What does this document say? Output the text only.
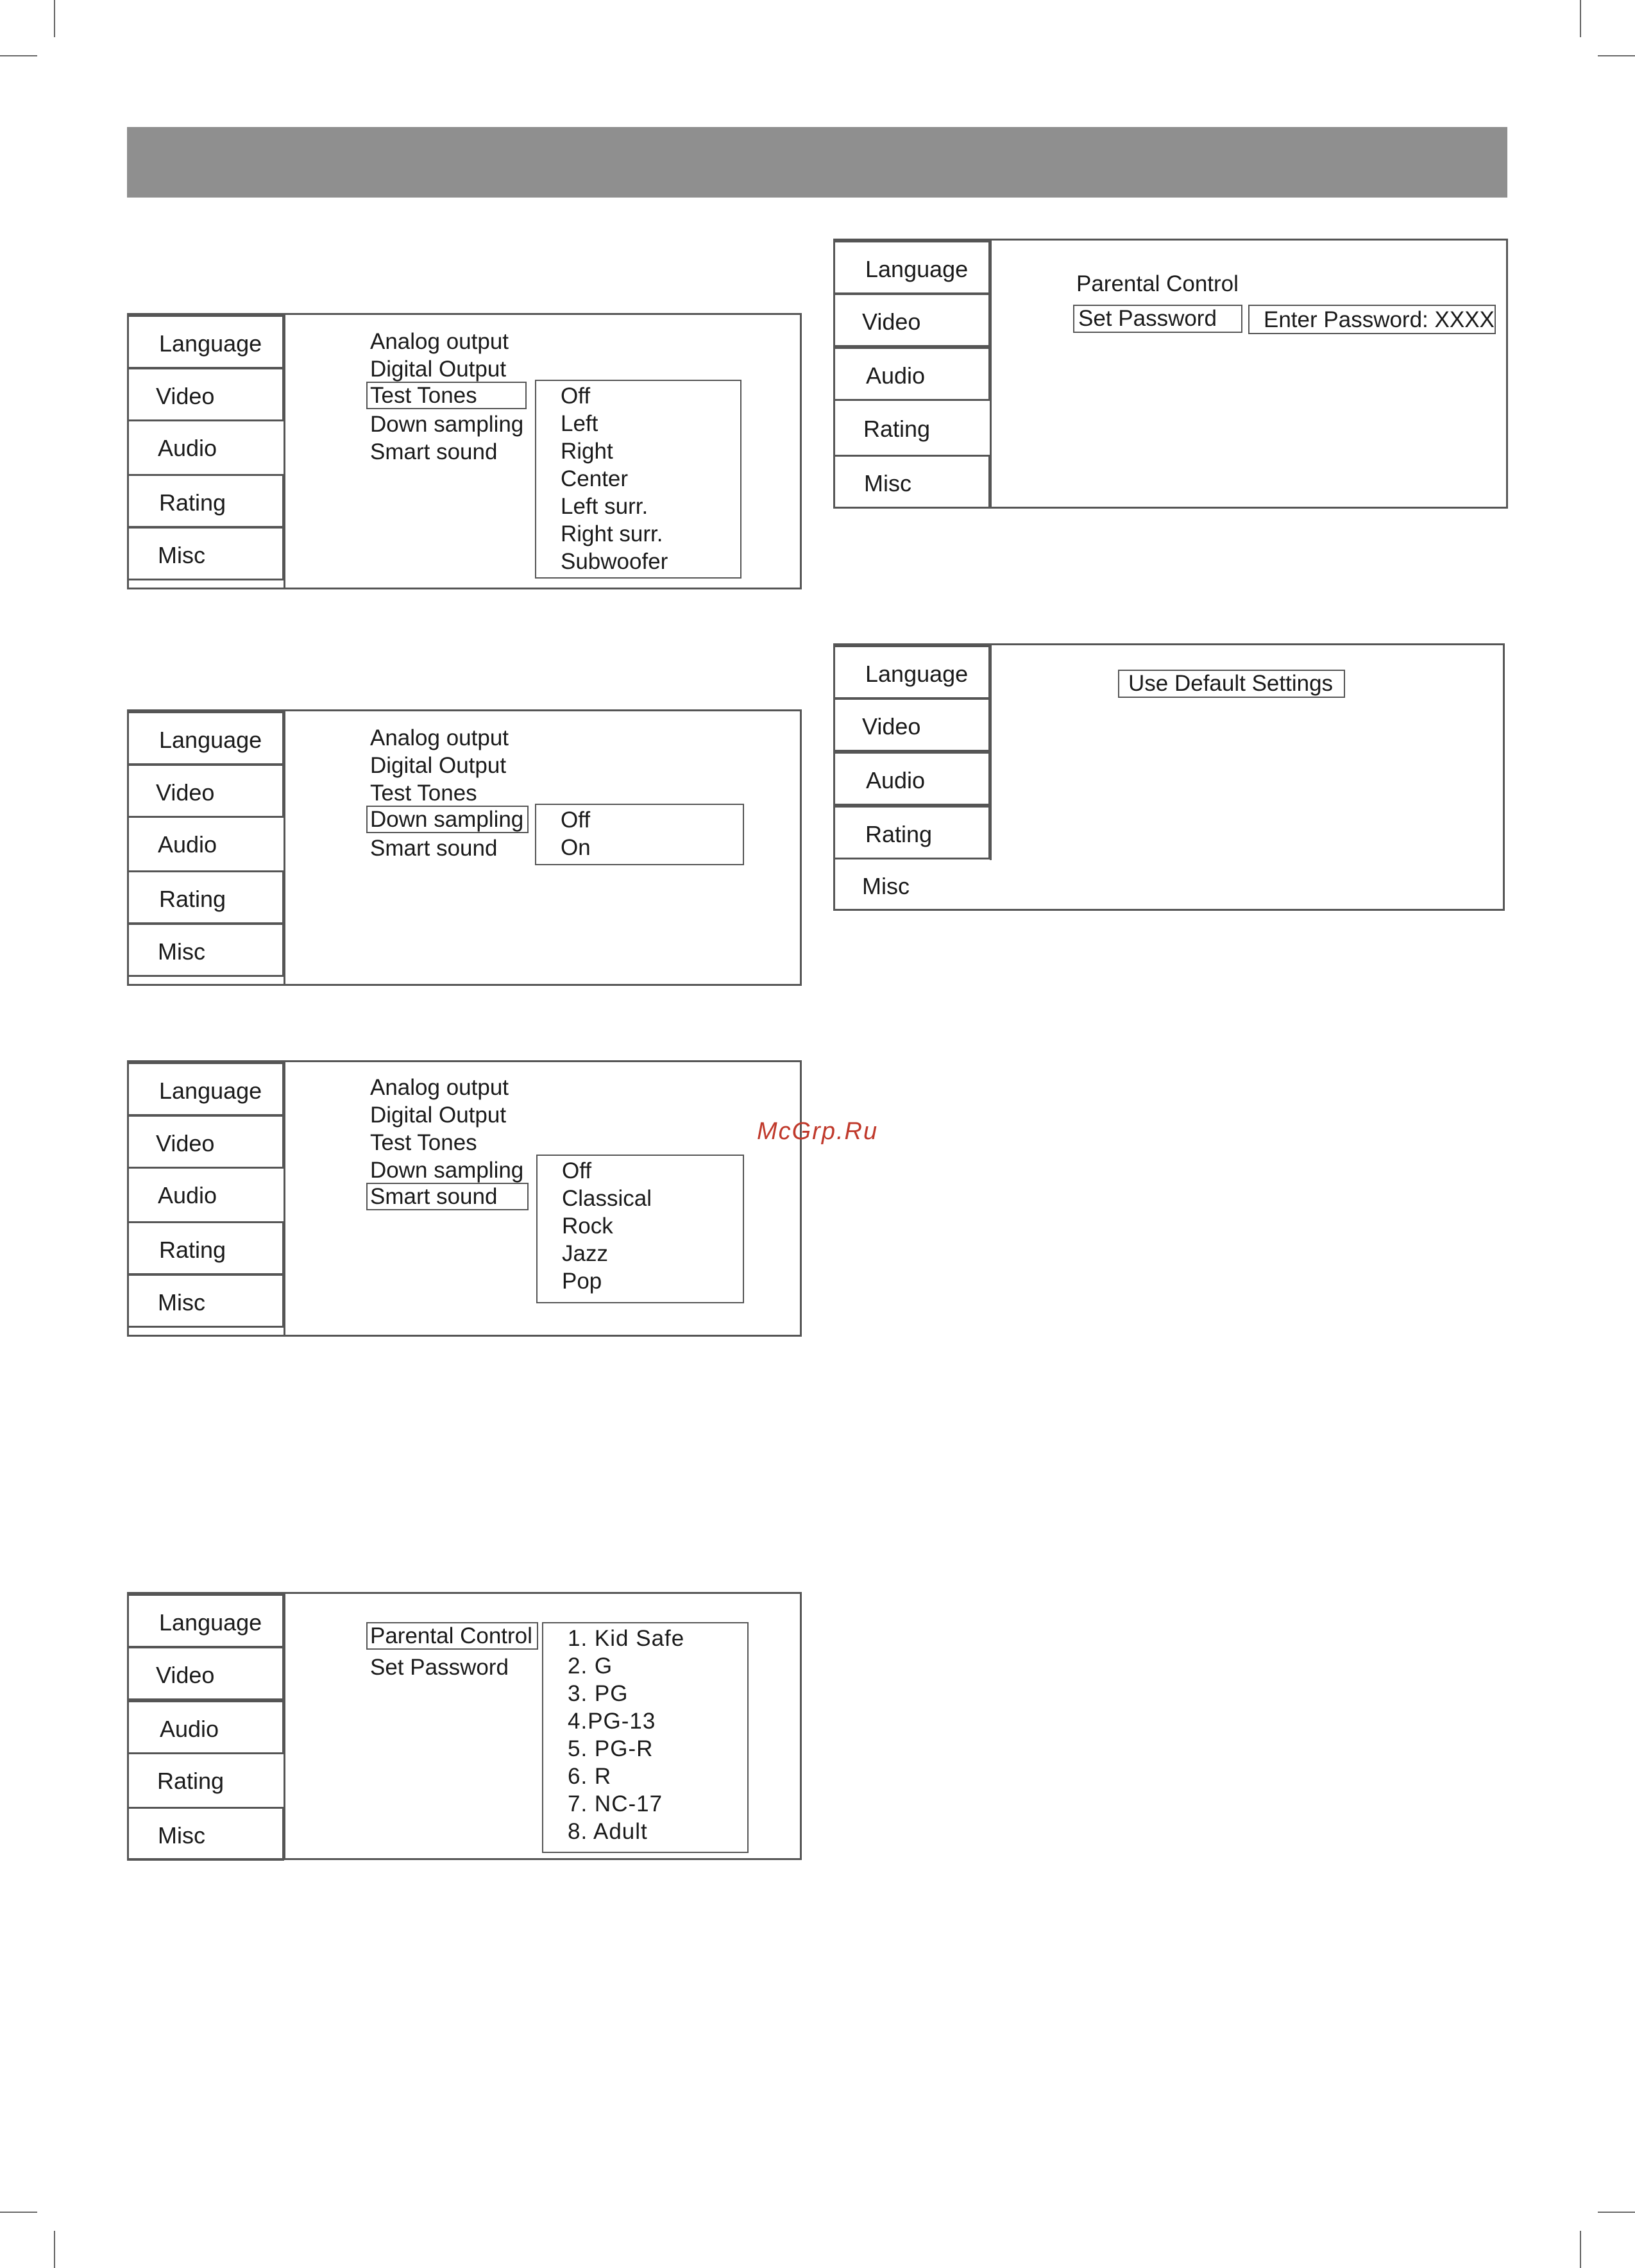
Language
Video
Audio
Rating
Misc
Analog output
Digital Output
Test Tones
Down sampling
Smart sound
Off
Left
Right
Center
Left surr.
Right surr.
Subwoofer
Language
Video
Audio
Rating
Misc
Analog output
Digital Output
Test Tones
Down sampling
Smart sound
Off
On
Language
Video
Audio
Rating
Misc
Analog output
Digital Output
Test Tones
Down sampling
Smart sound
Off
Classical
Rock
Jazz
Pop
Language
Video
Audio
Rating
Misc
Parental Control
Set Password
1. Kid Safe
2. G
3. PG
4.PG-13
5. PG-R
6. R
7. NC-17
8. Adult
Language
Video
Audio
Rating
Misc
Parental Control
Set Password	Enter Password: XXXX
Language
Video
Audio
Rating
Misc
Use Default Settings
McGrp.Ru
